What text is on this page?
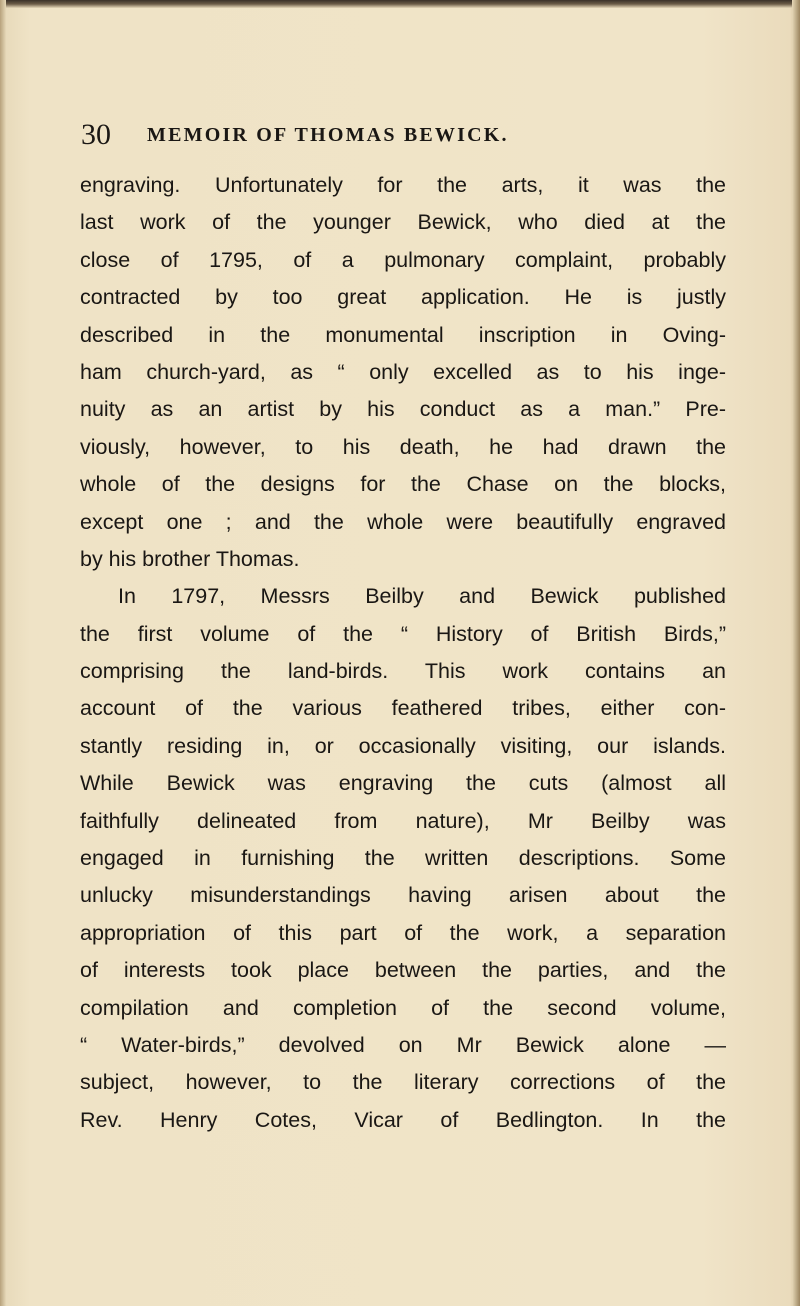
30 MEMOIR OF THOMAS BEWICK.
engraving. Unfortunately for the arts, it was the
last work of the younger Bewick, who died at the
close of 1795, of a pulmonary complaint, probably
contracted by too great application. He is justly
described in the monumental inscription in Oving-
ham church-yard, as “ only excelled as to his inge-
nuity as an artist by his conduct as a man.” Pre-
viously, however, to his death, he had drawn the
whole of the designs for the Chase on the blocks,
except one ; and the whole were beautifully engraved
by his brother Thomas.
In 1797, Messrs Beilby and Bewick published
the first volume of the “ History of British Birds,”
comprising the land-birds. This work contains an
account of the various feathered tribes, either con-
stantly residing in, or occasionally visiting, our islands.
While Bewick was engraving the cuts (almost all
faithfully delineated from nature), Mr Beilby was
engaged in furnishing the written descriptions. Some
unlucky misunderstandings having arisen about the
appropriation of this part of the work, a separation
of interests took place between the parties, and the
compilation and completion of the second volume,
“ Water-birds,” devolved on Mr Bewick alone —
subject, however, to the literary corrections of the
Rev. Henry Cotes, Vicar of Bedlington. In the
